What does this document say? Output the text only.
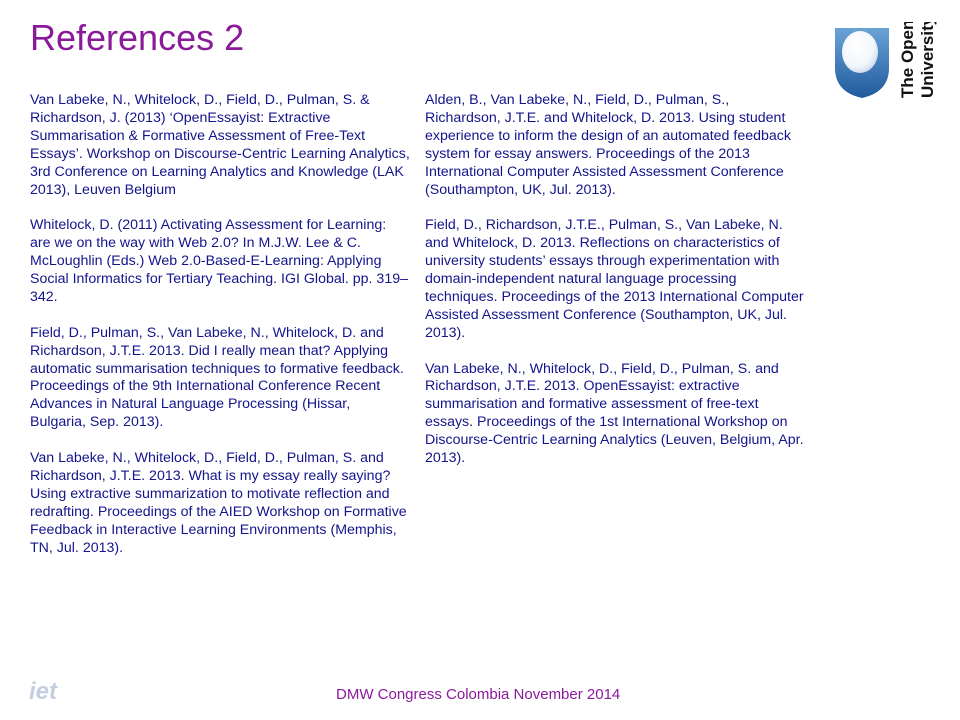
References 2	The Open University

Van Labeke, N., Whitelock, D., Field, D., Pulman, S. & Richardson, J. (2013) ‘OpenEssayist: Extractive Summarisation & Formative Assessment of Free-Text Essays’. Workshop on Discourse-Centric Learning Analytics, 3rd Conference on Learning Analytics and Knowledge (LAK 2013), Leuven Belgium

Whitelock, D. (2011) Activating Assessment for Learning: are we on the way with Web 2.0? In M.J.W. Lee & C. McLoughlin (Eds.) Web 2.0-Based-E-Learning: Applying Social Informatics for Tertiary Teaching. IGI Global. pp. 319–342.

Field, D., Pulman, S., Van Labeke, N., Whitelock, D. and Richardson, J.T.E. 2013. Did I really mean that? Applying automatic summarisation techniques to formative feedback. Proceedings of the 9th International Conference Recent Advances in Natural Language Processing (Hissar, Bulgaria, Sep. 2013).

Van Labeke, N., Whitelock, D., Field, D., Pulman, S. and Richardson, J.T.E. 2013. What is my essay really saying? Using extractive summarization to motivate reflection and redrafting. Proceedings of the AIED Workshop on Formative Feedback in Interactive Learning Environments (Memphis, TN, Jul. 2013).

Alden, B., Van Labeke, N., Field, D., Pulman, S., Richardson, J.T.E. and Whitelock, D. 2013. Using student experience to inform the design of an automated feedback system for essay answers. Proceedings of the 2013 International Computer Assisted Assessment Conference (Southampton, UK, Jul. 2013).

Field, D., Richardson, J.T.E., Pulman, S., Van Labeke, N. and Whitelock, D. 2013. Reflections on characteristics of university students’ essays through experimentation with domain-independent natural language processing techniques. Proceedings of the 2013 International Computer Assisted Assessment Conference (Southampton, UK, Jul. 2013).

Van Labeke, N., Whitelock, D., Field, D., Pulman, S. and Richardson, J.T.E. 2013. OpenEssayist: extractive summarisation and formative assessment of free-text essays. Proceedings of the 1st International Workshop on Discourse-Centric Learning Analytics (Leuven, Belgium, Apr. 2013).

iet	DMW Congress Colombia November 2014
